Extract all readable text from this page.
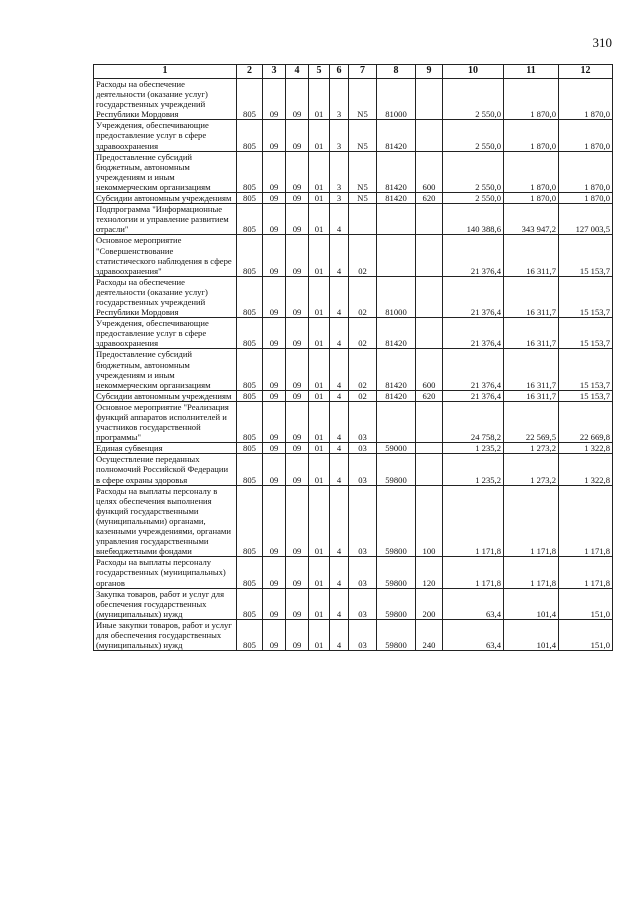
310
1	2	3	4	5	6	7	8	9	10	11	12
Расходы на обеспечение деятельности (оказание услуг) государственных учреждений Республики Мордовия	805	09	09	01	3	N5	81000		2 550,0	1 870,0	1 870,0
Учреждения, обеспечивающие предоставление услуг в сфере здравоохранения	805	09	09	01	3	N5	81420		2 550,0	1 870,0	1 870,0
Предоставление субсидий бюджетным, автономным учреждениям и иным некоммерческим организациям	805	09	09	01	3	N5	81420	600	2 550,0	1 870,0	1 870,0
Субсидии автономным учреждениям	805	09	09	01	3	N5	81420	620	2 550,0	1 870,0	1 870,0
Подпрограмма "Информационные технологии и управление развитием отрасли"	805	09	09	01	4				140 388,6	343 947,2	127 003,5
Основное мероприятие "Совершенствование статистического наблюдения в сфере здравоохранения"	805	09	09	01	4	02			21 376,4	16 311,7	15 153,7
Расходы на обеспечение деятельности (оказание услуг) государственных учреждений Республики Мордовия	805	09	09	01	4	02	81000		21 376,4	16 311,7	15 153,7
Учреждения, обеспечивающие предоставление услуг в сфере здравоохранения	805	09	09	01	4	02	81420		21 376,4	16 311,7	15 153,7
Предоставление субсидий бюджетным, автономным учреждениям и иным некоммерческим организациям	805	09	09	01	4	02	81420	600	21 376,4	16 311,7	15 153,7
Субсидии автономным учреждениям	805	09	09	01	4	02	81420	620	21 376,4	16 311,7	15 153,7
Основное мероприятие "Реализация функций аппаратов исполнителей и участников государственной программы"	805	09	09	01	4	03			24 758,2	22 569,5	22 669,8
Единая субвенция	805	09	09	01	4	03	59000		1 235,2	1 273,2	1 322,8
Осуществление переданных полномочий Российской Федерации в сфере охраны здоровья	805	09	09	01	4	03	59800		1 235,2	1 273,2	1 322,8
Расходы на выплаты персоналу в целях обеспечения выполнения функций государственными (муниципальными) органами, казенными учреждениями, органами управления государственными внебюджетными фондами	805	09	09	01	4	03	59800	100	1 171,8	1 171,8	1 171,8
Расходы на выплаты персоналу государственных (муниципальных) органов	805	09	09	01	4	03	59800	120	1 171,8	1 171,8	1 171,8
Закупка товаров, работ и услуг для обеспечения государственных (муниципальных) нужд	805	09	09	01	4	03	59800	200	63,4	101,4	151,0
Иные закупки товаров, работ и услуг для обеспечения государственных (муниципальных) нужд	805	09	09	01	4	03	59800	240	63,4	101,4	151,0
